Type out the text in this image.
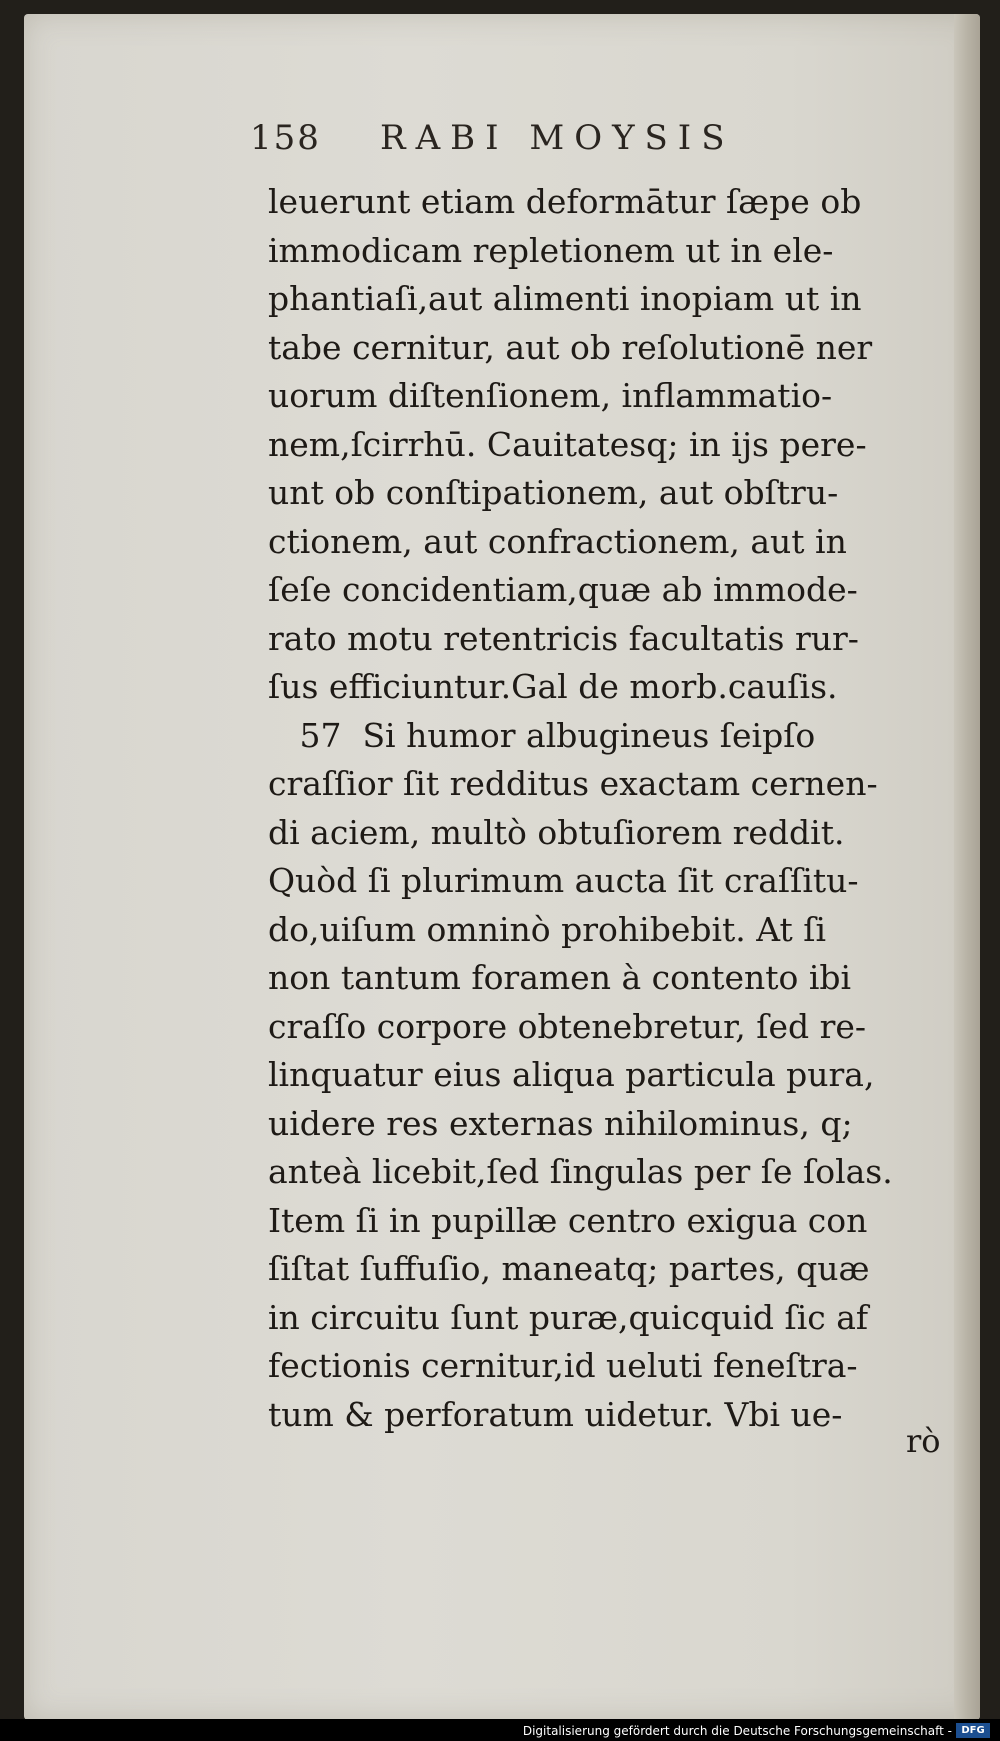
158 RABI MOYSIS
leuerunt etiam deformātur ſæpe ob
immodicam repletionem ut in ele-
phantiaſi,aut alimenti inopiam ut in
tabe cernitur, aut ob reſolutionē ner
uorum diſtenſionem, inflammatio-
nem,ſcirrhū. Cauitatesq; in ijs pere-
unt ob conſtipationem, aut obſtru-
ctionem, aut confractionem, aut in
ſeſe concidentiam,quæ ab immode-
rato motu retentricis facultatis rur-
ſus efficiuntur.Gal de morb.cauſis.
57  Si humor albugineus ſeipſo
craſſior ſit redditus exactam cernen-
di aciem, multò obtuſiorem reddit.
Quòd ſi plurimum aucta ſit craſſitu-
do,uiſum omninò prohibebit. At ſi
non tantum foramen à contento ibi
craſſo corpore obtenebretur, ſed re-
linquatur eius aliqua particula pura,
uidere res externas nihilominus, q;
anteà licebit,ſed ſingulas per ſe ſolas.
Item ſi in pupillæ centro exigua con
ſiſtat ſuffuſio, maneatq; partes, quæ
in circuitu ſunt puræ,quicquid ſic af
fectionis cernitur,id ueluti feneſtra-
tum & perforatum uidetur. Vbi ue-
rò
Digitalisierung gefördert durch die Deutsche Forschungsgemeinschaft - DFG
